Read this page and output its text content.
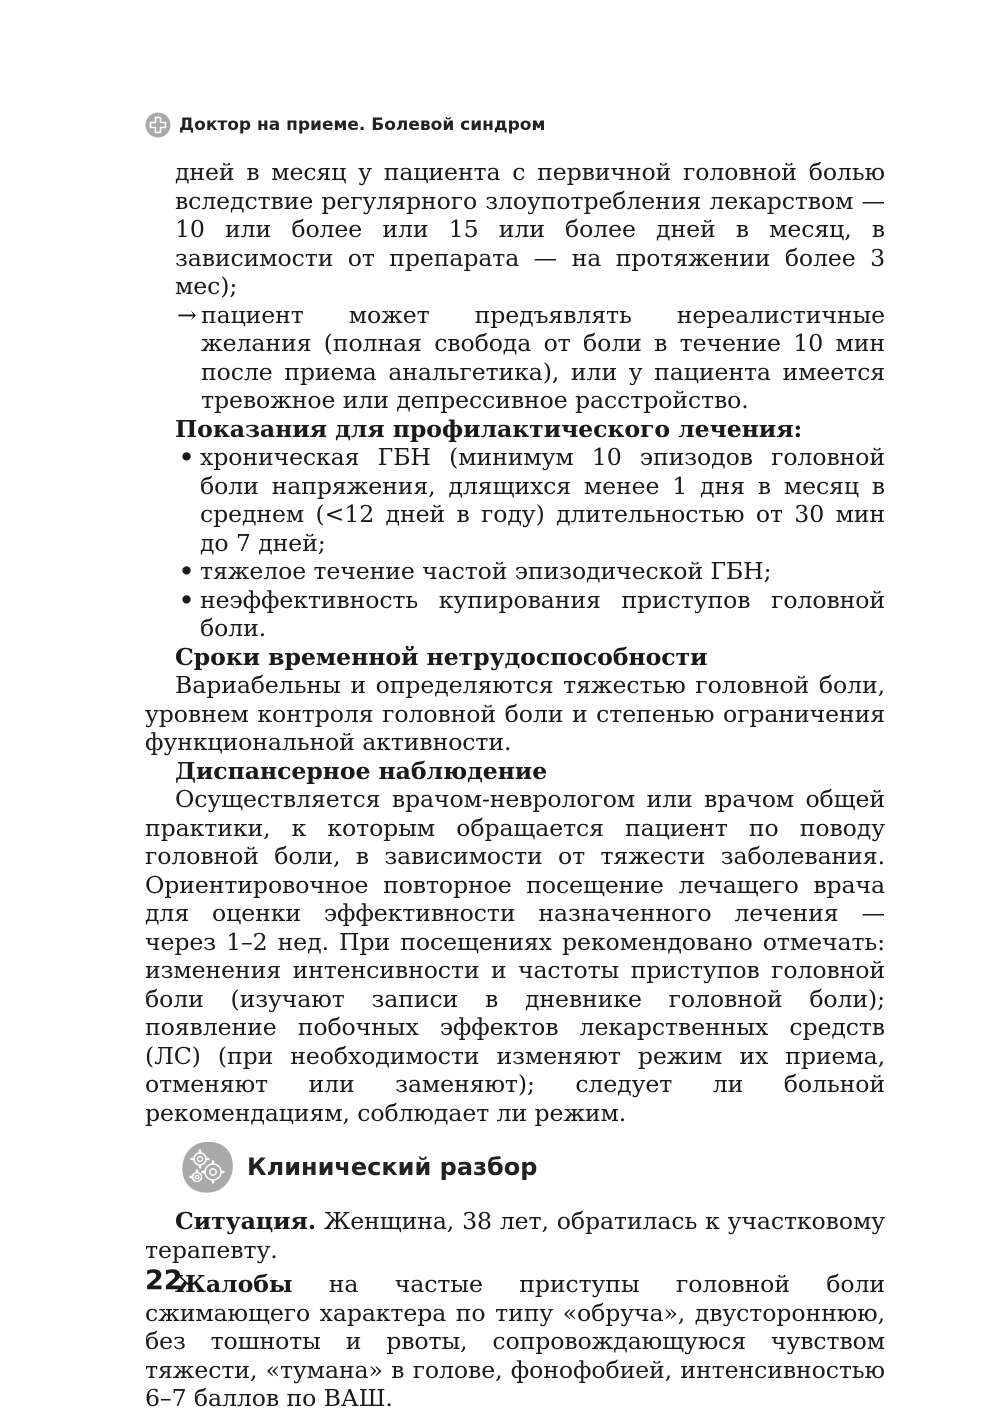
Доктор на приеме. Болевой синдром

дней в месяц у пациента с первичной головной болью вследствие регулярного злоупотребления лекарством — 10 или более или 15 или более дней в месяц, в зависимости от препарата — на протяжении более 3 мес);

→ пациент может предъявлять нереалистичные желания (полная свобода от боли в течение 10 мин после приема анальгетика), или у пациента имеется тревожное или депрессивное расстройство.

Показания для профилактического лечения:

• хроническая ГБН (минимум 10 эпизодов головной боли напряжения, длящихся менее 1 дня в месяц в среднем (<12 дней в году) длительностью от 30 мин до 7 дней;

• тяжелое течение частой эпизодической ГБН;

• неэффективность купирования приступов головной боли.

Сроки временной нетрудоспособности

Вариабельны и определяются тяжестью головной боли, уровнем контроля головной боли и степенью ограничения функциональной активности.

Диспансерное наблюдение

Осуществляется врачом-неврологом или врачом общей практики, к которым обращается пациент по поводу головной боли, в зависимости от тяжести заболевания. Ориентировочное повторное посещение лечащего врача для оценки эффективности назначенного лечения — через 1–2 нед. При посещениях рекомендовано отмечать: изменения интенсивности и частоты приступов головной боли (изучают записи в дневнике головной боли); появление побочных эффектов лекарственных средств (ЛС) (при необходимости изменяют режим их приема, отменяют или заменяют); следует ли больной рекомендациям, соблюдает ли режим.

Клинический разбор

Ситуация. Женщина, 38 лет, обратилась к участковому терапевту.

Жалобы на частые приступы головной боли сжимающего характера по типу «обруча», двустороннюю, без тошноты и рвоты, сопровождающуюся чувством тяжести, «тумана» в голове, фонофобией, интенсивностью 6–7 баллов по ВАШ.

22
